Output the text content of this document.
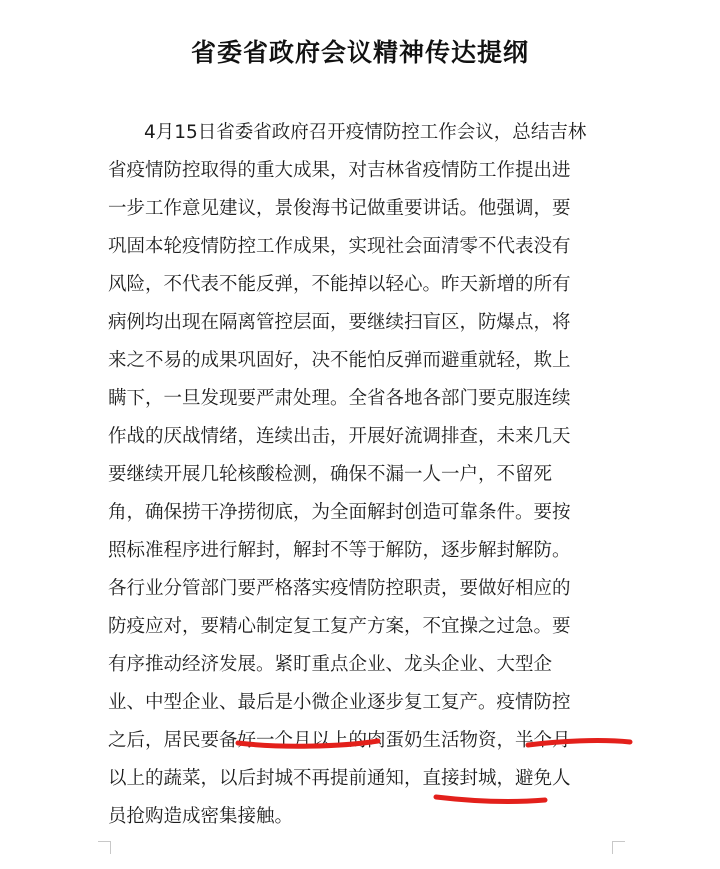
省委省政府会议精神传达提纲
4月15日省委省政府召开疫情防控工作会议，总结吉林
省疫情防控取得的重大成果，对吉林省疫情防工作提出进
一步工作意见建议，景俊海书记做重要讲话。他强调，要
巩固本轮疫情防控工作成果，实现社会面清零不代表没有
风险，不代表不能反弹，不能掉以轻心。昨天新增的所有
病例均出现在隔离管控层面，要继续扫盲区，防爆点，将
来之不易的成果巩固好，决不能怕反弹而避重就轻，欺上
瞒下，一旦发现要严肃处理。全省各地各部门要克服连续
作战的厌战情绪，连续出击，开展好流调排查，未来几天
要继续开展几轮核酸检测，确保不漏一人一户，不留死
角，确保捞干净捞彻底，为全面解封创造可靠条件。要按
照标准程序进行解封，解封不等于解防，逐步解封解防。
各行业分管部门要严格落实疫情防控职责，要做好相应的
防疫应对，要精心制定复工复产方案，不宜操之过急。要
有序推动经济发展。紧盯重点企业、龙头企业、大型企
业、中型企业、最后是小微企业逐步复工复产。疫情防控
之后，居民要备好一个月以上的肉蛋奶生活物资，半个月
以上的蔬菜，以后封城不再提前通知，直接封城，避免人
员抢购造成密集接触。
